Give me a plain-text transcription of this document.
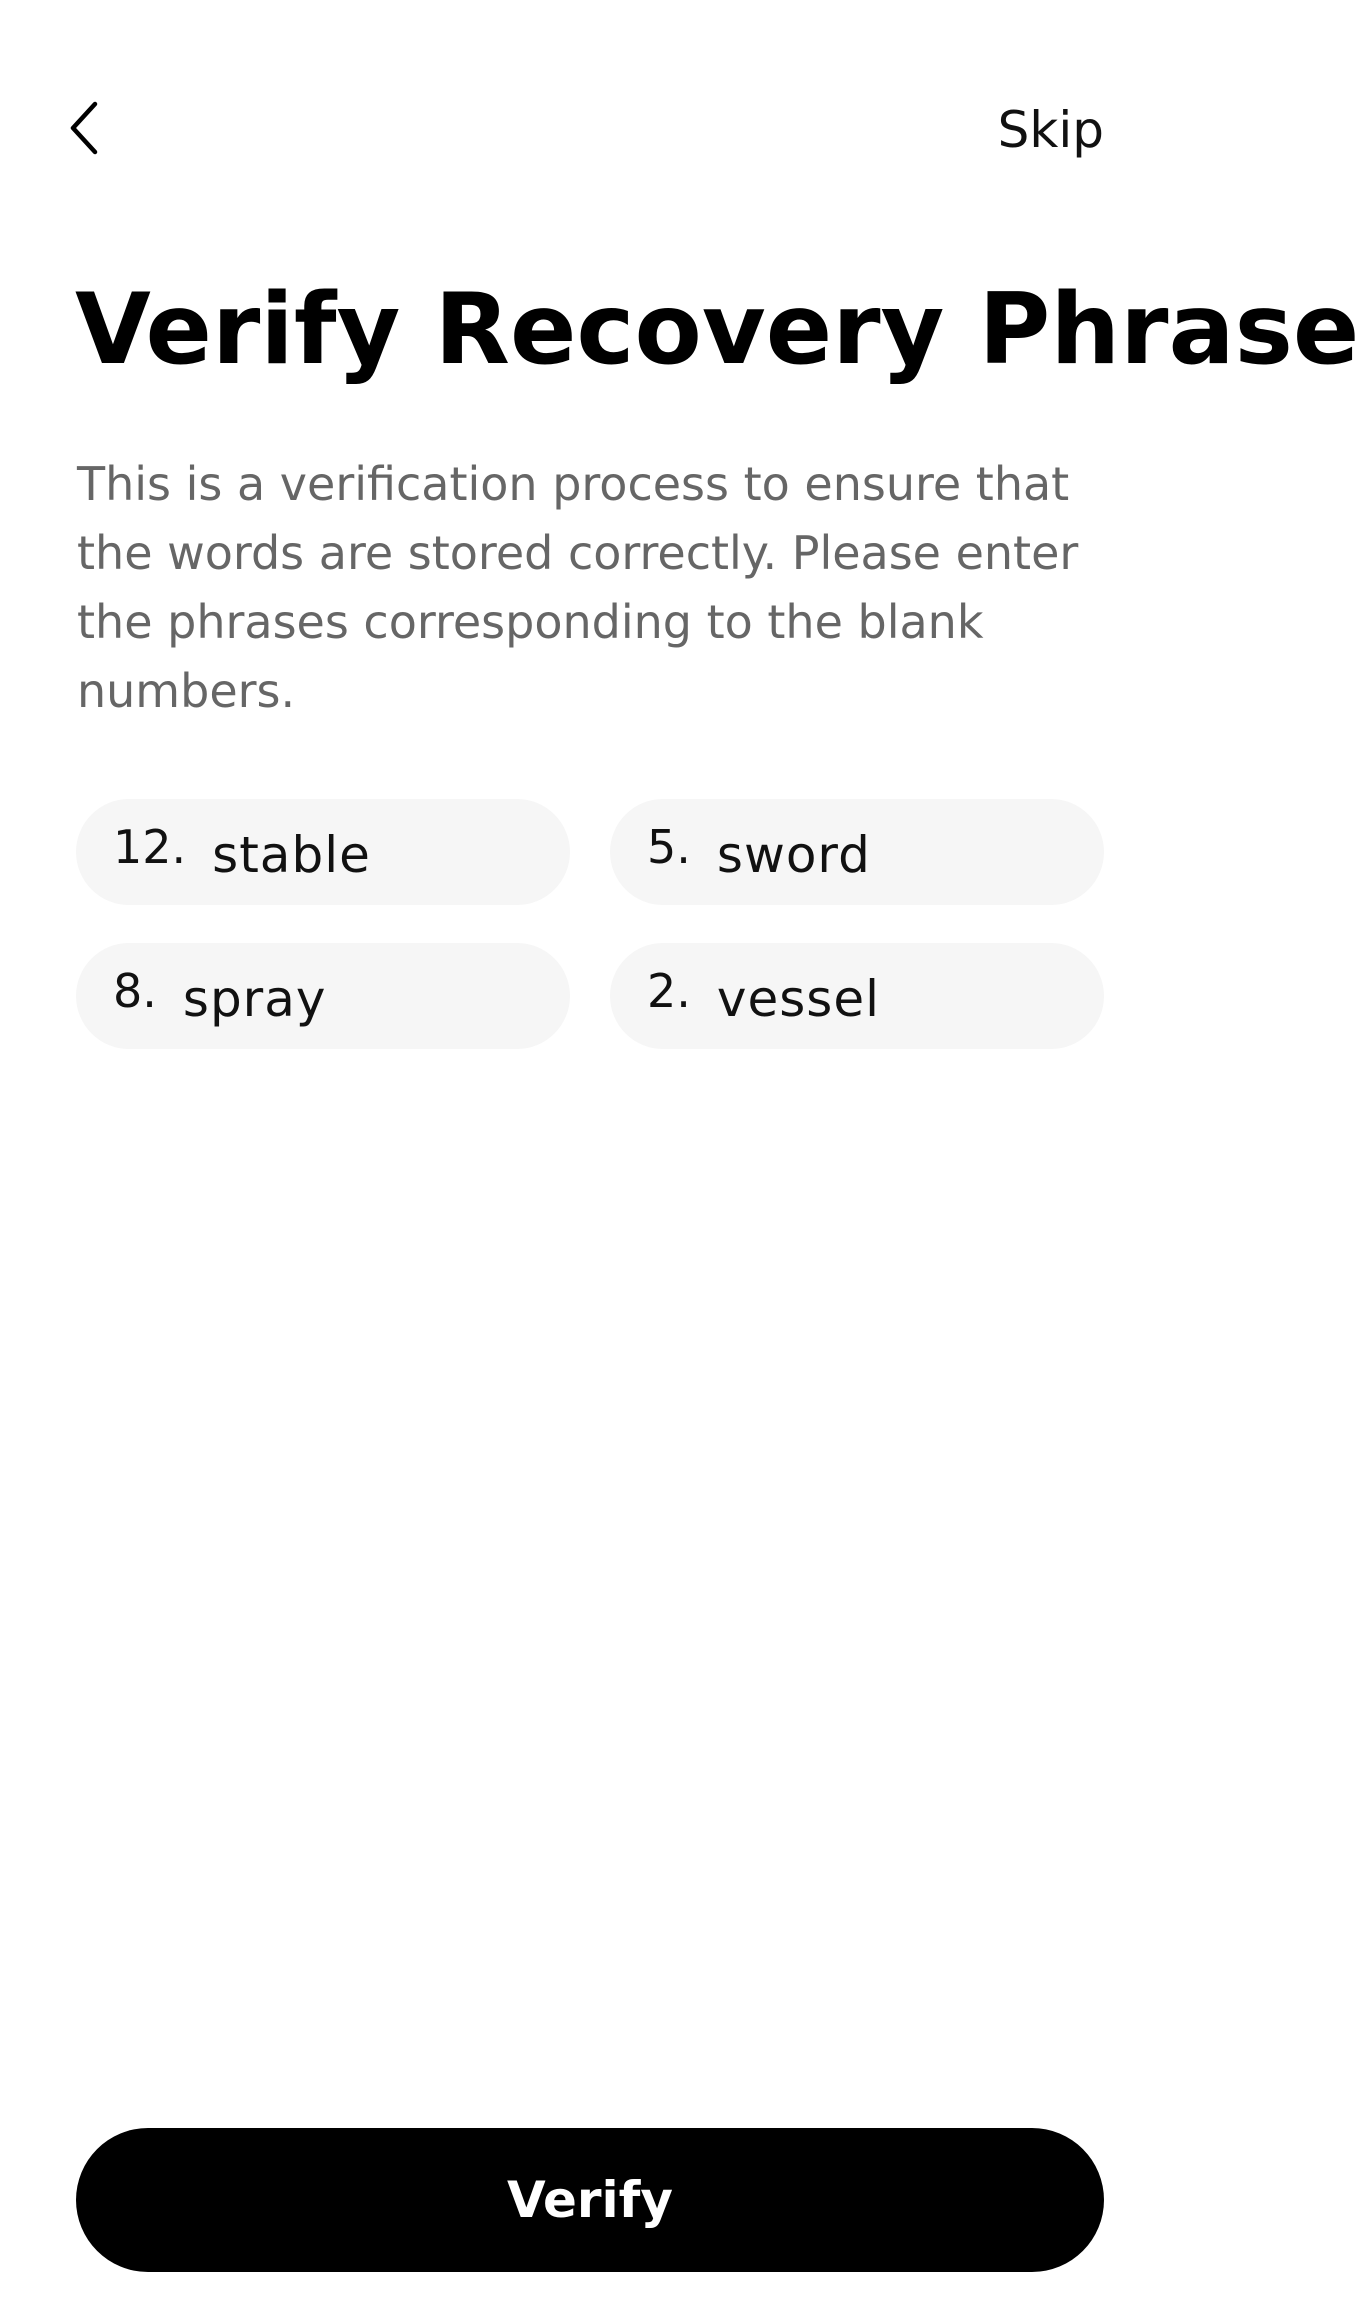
Skip
Verify Recovery Phrase

This is a verification process to ensure that the words are stored correctly. Please enter the phrases corresponding to the blank numbers.

12. stable	5. sword
8. spray	2. vessel
Verify
